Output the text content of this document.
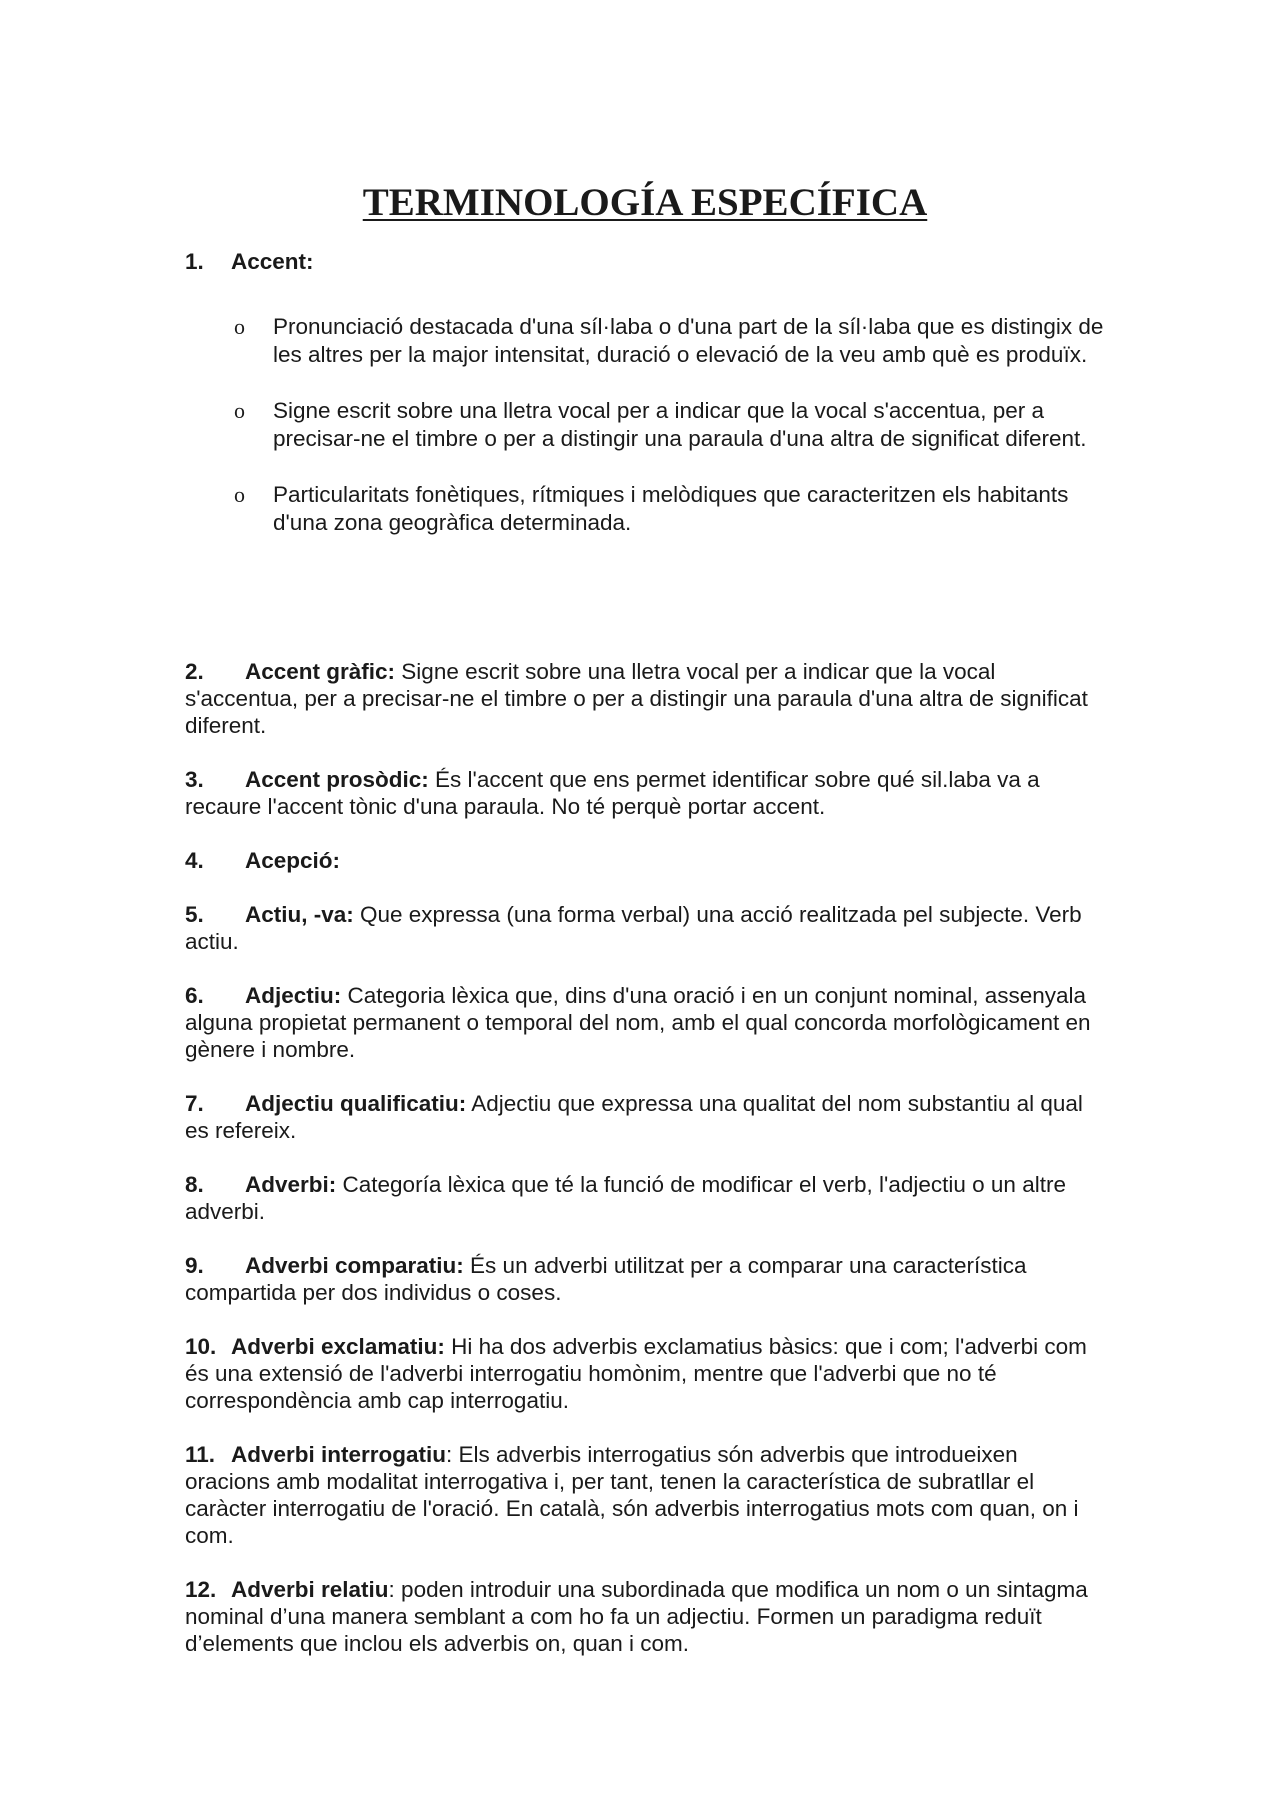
TERMINOLOGÍA ESPECÍFICA
1. Accent:
o Pronunciació destacada d'una síl·laba o d'una part de la síl·laba que es distingix de les altres per la major intensitat, duració o elevació de la veu amb què es produïx.
o Signe escrit sobre una lletra vocal per a indicar que la vocal s'accentua, per a precisar-ne el timbre o per a distingir una paraula d'una altra de significat diferent.
o Particularitats fonètiques, rítmiques i melòdiques que caracteritzen els habitants d'una zona geogràfica determinada.

2. Accent gràfic: Signe escrit sobre una lletra vocal per a indicar que la vocal s'accentua, per a precisar-ne el timbre o per a distingir una paraula d'una altra de significat diferent.

3. Accent prosòdic: És l'accent que ens permet identificar sobre qué sil.laba va a recaure l'accent tònic d'una paraula. No té perquè portar accent.

4. Acepció:

5. Actiu, -va: Que expressa (una forma verbal) una acció realitzada pel subjecte. Verb actiu.

6. Adjectiu: Categoria lèxica que, dins d'una oració i en un conjunt nominal, assenyala alguna propietat permanent o temporal del nom, amb el qual concorda morfològicament en gènere i nombre.

7. Adjectiu qualificatiu: Adjectiu que expressa una qualitat del nom substantiu al qual es refereix.

8. Adverbi: Categoría lèxica que té la funció de modificar el verb, l'adjectiu o un altre adverbi.

9. Adverbi comparatiu: És un adverbi utilitzat per a comparar una característica compartida per dos individus o coses.

10. Adverbi exclamatiu: Hi ha dos adverbis exclamatius bàsics: que i com; l'adverbi com és una extensió de l'adverbi interrogatiu homònim, mentre que l'adverbi que no té correspondència amb cap interrogatiu.

11. Adverbi interrogatiu: Els adverbis interrogatius són adverbis que introdueixen oracions amb modalitat interrogativa i, per tant, tenen la característica de subratllar el caràcter interrogatiu de l'oració. En català, són adverbis interrogatius mots com quan, on i com.

12. Adverbi relatiu: poden introduir una subordinada que modifica un nom o un sintagma nominal d’una manera semblant a com ho fa un adjectiu. Formen un paradigma reduït d’elements que inclou els adverbis on, quan i com.
